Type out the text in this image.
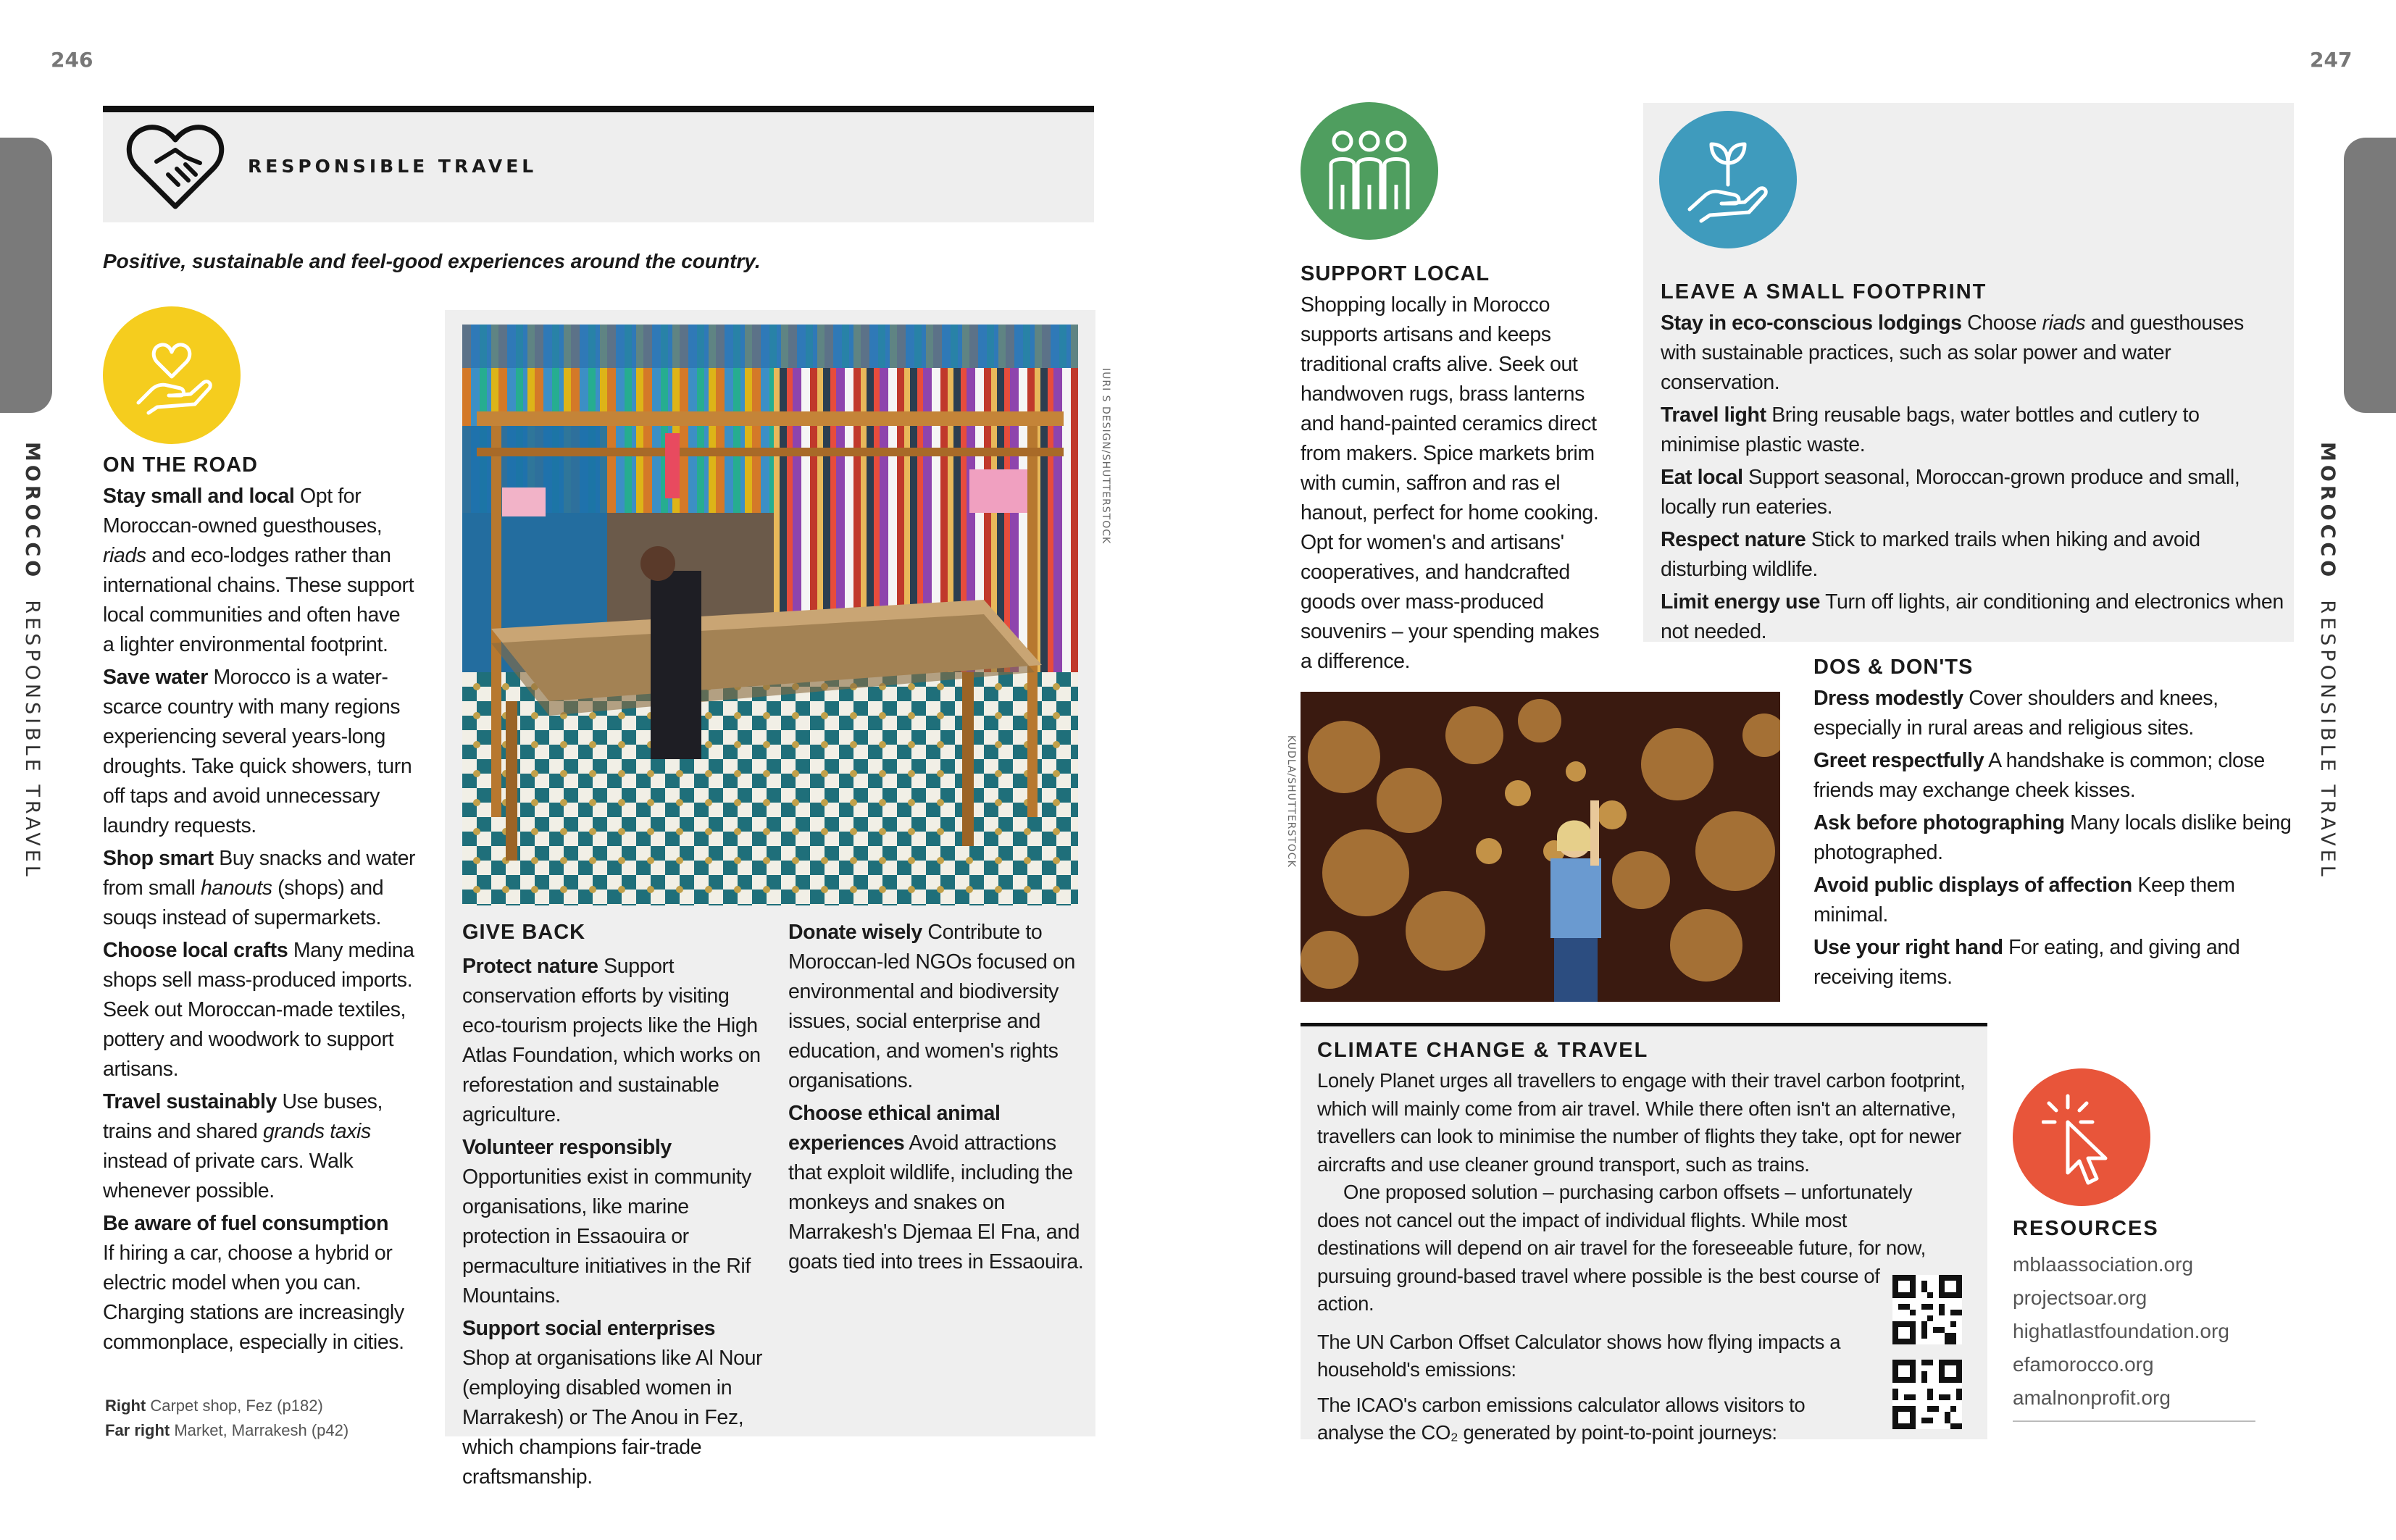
246	247
MOROCCO  RESPONSIBLE TRAVEL
MOROCCO  RESPONSIBLE TRAVEL
RESPONSIBLE TRAVEL
Positive, sustainable and feel-good experiences around the country.
ON THE ROAD

Stay small and local Opt for Moroccan-owned guesthouses, riads and eco-lodges rather than international chains. These support local communities and often have a lighter environmental footprint.

Save water Morocco is a water-scarce country with many regions experiencing several years-long droughts. Take quick showers, turn off taps and avoid unnecessary laundry requests.

Shop smart Buy snacks and water from small hanouts (shops) and souqs instead of supermarkets.

Choose local crafts Many medina shops sell mass-produced imports. Seek out Moroccan-made textiles, pottery and woodwork to support artisans.

Travel sustainably Use buses, trains and shared grands taxis instead of private cars. Walk whenever possible.

Be aware of fuel consumption
If hiring a car, choose a hybrid or electric model when you can. Charging stations are increasingly commonplace, especially in cities.

Right Carpet shop, Fez (p182)
Far right Market, Marrakesh (p42)
IURI S DESIGN/SHUTTERSTOCK
GIVE BACK

Protect nature Support conservation efforts by visiting eco-tourism projects like the High Atlas Foundation, which works on reforestation and sustainable agriculture.

Volunteer responsibly Opportunities exist in community organisations, like marine protection in Essaouira or permaculture initiatives in the Rif Mountains.

Support social enterprises Shop at organisations like Al Nour (employing disabled women in Marrakesh) or The Anou in Fez, which champions fair-trade craftsmanship.

Donate wisely Contribute to Moroccan-led NGOs focused on environmental and biodiversity issues, social enterprise and education, and women's rights organisations.

Choose ethical animal experiences Avoid attractions that exploit wildlife, including the monkeys and snakes on Marrakesh's Djemaa El Fna, and goats tied into trees in Essaouira.

SUPPORT LOCAL

Shopping locally in Morocco supports artisans and keeps traditional crafts alive. Seek out handwoven rugs, brass lanterns and hand-painted ceramics direct from makers. Spice markets brim with cumin, saffron and ras el hanout, perfect for home cooking. Opt for women's and artisans' cooperatives, and handcrafted goods over mass-produced souvenirs – your spending makes a difference.

LEAVE A SMALL FOOTPRINT

Stay in eco-conscious lodgings Choose riads and guesthouses with sustainable practices, such as solar power and water conservation.

Travel light Bring reusable bags, water bottles and cutlery to minimise plastic waste.

Eat local Support seasonal, Moroccan-grown produce and small, locally run eateries.

Respect nature Stick to marked trails when hiking and avoid disturbing wildlife.

Limit energy use Turn off lights, air conditioning and electronics when not needed.

KUDLA/SHUTTERSTOCK
DOS & DON'TS

Dress modestly Cover shoulders and knees, especially in rural areas and religious sites.

Greet respectfully A handshake is common; close friends may exchange cheek kisses.

Ask before photographing Many locals dislike being photographed.

Avoid public displays of affection Keep them minimal.

Use your right hand For eating, and giving and receiving items.

CLIMATE CHANGE & TRAVEL

Lonely Planet urges all travellers to engage with their travel carbon footprint, which will mainly come from air travel. While there often isn't an alternative, travellers can look to minimise the number of flights they take, opt for newer aircrafts and use cleaner ground transport, such as trains.

One proposed solution – purchasing carbon offsets – unfortunately does not cancel out the impact of individual flights. While most destinations will depend on air travel for the foreseeable future, for now, pursuing ground-based travel where possible is the best course of action.

The UN Carbon Offset Calculator shows how flying impacts a household's emissions:

The ICAO's carbon emissions calculator allows visitors to analyse the CO₂ generated by point-to-point journeys:

RESOURCES
mblaassociation.org
projectsoar.org
highatlastfoundation.org
efamorocco.org
amalnonprofit.org
